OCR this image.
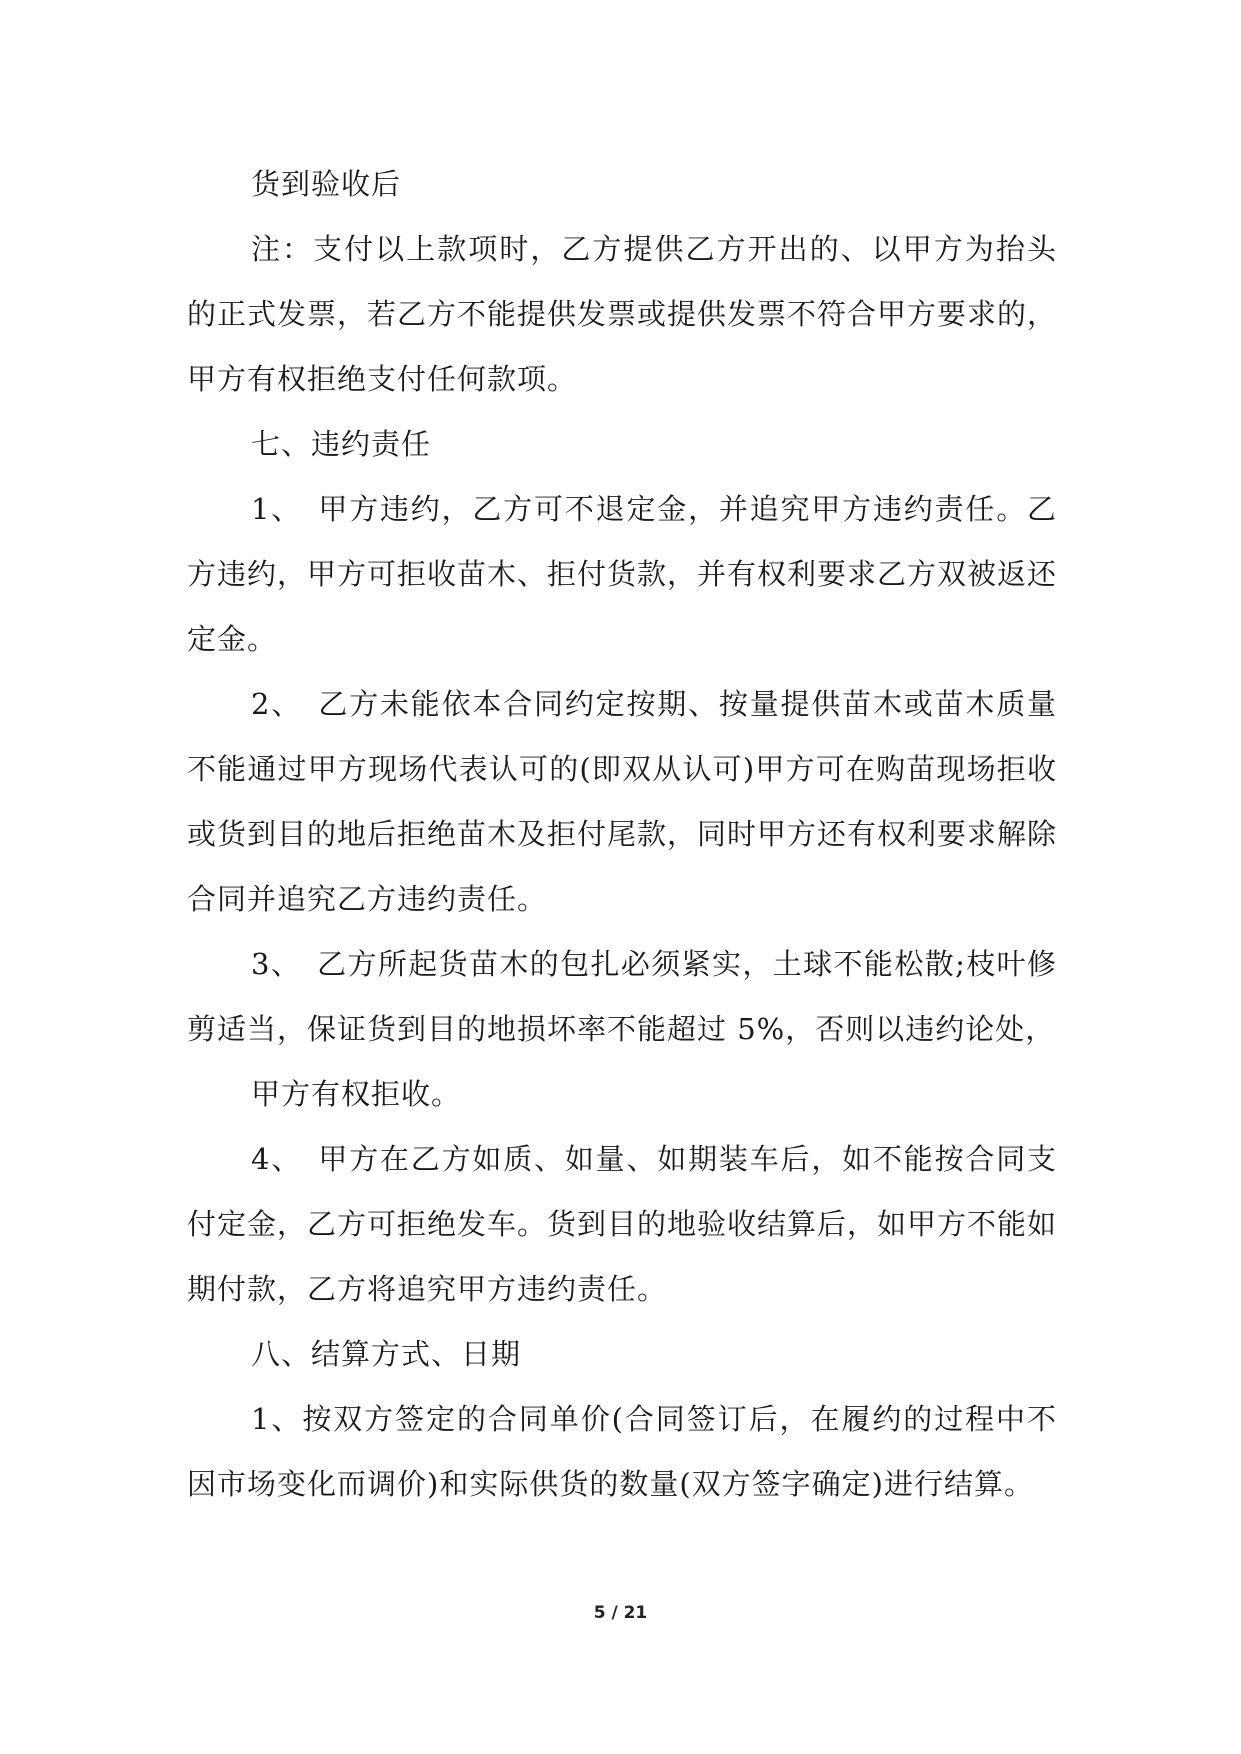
货到验收后

注：支付以上款项时，乙方提供乙方开出的、以甲方为抬头的正式发票，若乙方不能提供发票或提供发票不符合甲方要求的，甲方有权拒绝支付任何款项。

七、违约责任

1、　甲方违约，乙方可不退定金，并追究甲方违约责任。乙方违约，甲方可拒收苗木、拒付货款，并有权利要求乙方双被返还定金。

2、　乙方未能依本合同约定按期、按量提供苗木或苗木质量不能通过甲方现场代表认可的(即双从认可)甲方可在购苗现场拒收或货到目的地后拒绝苗木及拒付尾款，同时甲方还有权利要求解除合同并追究乙方违约责任。

3、　乙方所起货苗木的包扎必须紧实，土球不能松散;枝叶修剪适当，保证货到目的地损坏率不能超过 5%，否则以违约论处，

甲方有权拒收。

4、　甲方在乙方如质、如量、如期装车后，如不能按合同支付定金，乙方可拒绝发车。货到目的地验收结算后，如甲方不能如期付款，乙方将追究甲方违约责任。

八、结算方式、日期

1、按双方签定的合同单价(合同签订后，在履约的过程中不因市场变化而调价)和实际供货的数量(双方签字确定)进行结算。

5 / 21
